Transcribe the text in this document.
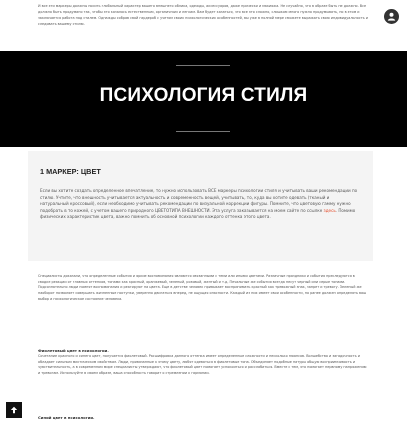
И все эти маркеры должны носить глобальный характер вашего внешнего облика, одежды, аксессуаров, даже прически и макияжа. Не случайно, что в образе быть не должно. Все должно быть продумано так, чтобы это казалось естественным, органичным и легким. Вам будет казаться, что все это сложно, слишком много нужно продумывать, но в этом и заключается работа над стилем. Однажды собрав свой гардероб с учетом своих психологических особенностей, вы уже в полной мере сможете выражать свою индивидуальность и следовать вашему стилю.
ПСИХОЛОГИЯ СТИЛЯ
1 МАРКЕР: ЦВЕТ
Если вы хотите создать определенное впечатление, то нужно использовать ВСЕ маркеры психологии стиля и учитывать ваши рекомендации по стилю. Учтите, что внешность учитывается актуальность и современность вещей, учитывать, то, куда вы хотите одевать (тканый и натуральный кроссовый), если необходимо учитывать рекомендации по визуальной коррекции фигуры. Помните, что цветовую гамму нужно подобрать в то кожей, с учетом вашего природного ЦВЕТОТИПА ВНЕШНОСТИ. Эта услуга заказывается на моем сайте по ссылке здесь. Помимо физических характеристик цвета, важно помнить об основной психологии каждого оттенка этого цвета.
Специалисты доказали, что определенные события и яркие воспоминания являются связанными с теми или иными цветами. Различные праздники и события преследуются в сводке реакции от главных оттенков, тонами как красный, оранжевый, зеленый, розовый, желтый и т.д. Печальные же события всегда несут черный или серые тонами. Подсознательно люди помнят воспоминания и реагируют на цвета. Еще в детстве человек привыкает воспринимать красный как тревожный знак, запрет и тревогу. Зеленый же наоборот позволяет совершать жизненные поступки, уверенно двигаться вперед, не ощущая опасности. Каждый из них имеет свои особенности, по ранее должен определять ваш выбор и психологическое состояние человека.
Фиолетовый цвет в психологии.
Сочетание красного и синего цвет, получается фиолетовый. Расшифровка данного оттенка имеет определенные сложности и несколько нюансов. Волшебство и загадочность и обладает сильным мистическим свойством. Люди, привязанные к этому цвету, любят одеваться в фиолетовые тона. Объединяет подобные натуры общую восприимчивость и чувствительность, а в современном мире специалисты утверждают, что фиолетовый цвет помогает успокоиться и расслабиться. Вместе с тем, это помогает нервному напряжению и тревогам. Используйте в своем образе, ваша способность говорит о стремлении к гармонии.
Синий цвет в психологии.
